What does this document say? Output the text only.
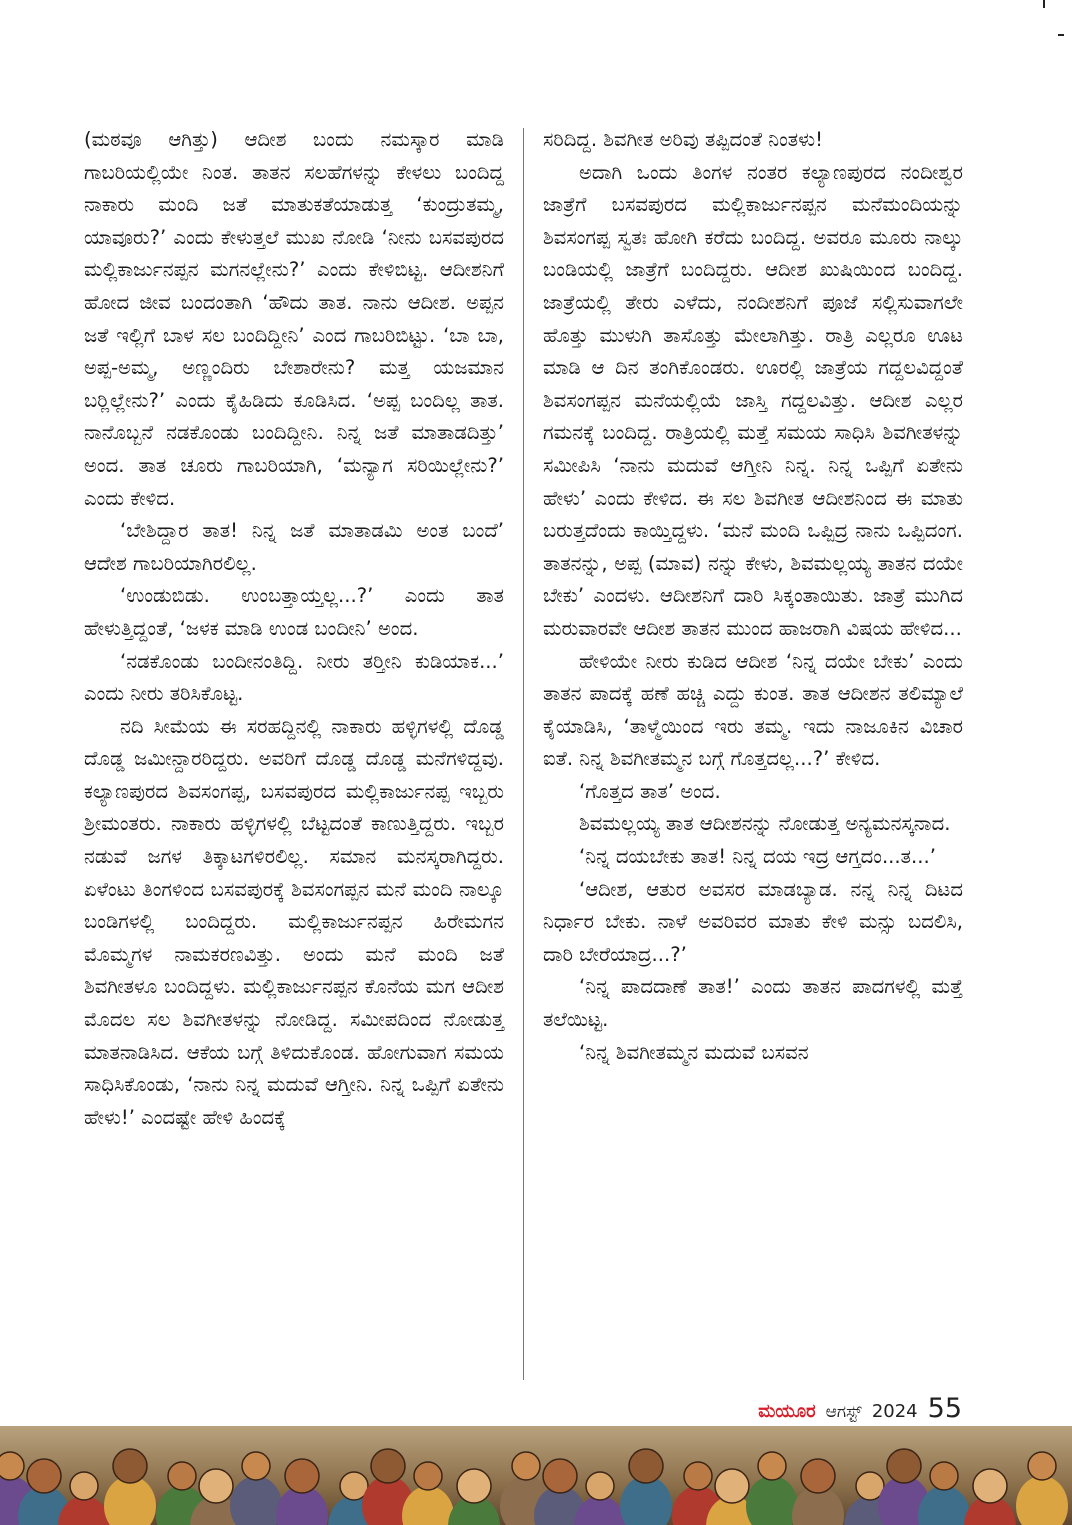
(ಮಠವೂ ಆಗಿತ್ತು) ಆದೀಶ ಬಂದು ನಮಸ್ಕಾರ ಮಾಡಿ ಗಾಬರಿಯಲ್ಲಿಯೇ ನಿಂತ. ತಾತನ ಸಲಹೆಗಳನ್ನು ಕೇಳಲು ಬಂದಿದ್ದ ನಾಕಾರು ಮಂದಿ ಜತೆ ಮಾತುಕತೆಯಾಡುತ್ತ ‘ಕುಂದ್ರುತಮ್ಮ, ಯಾವೂರು?’ ಎಂದು ಕೇಳುತ್ತಲೆ ಮುಖ ನೋಡಿ ‘ನೀನು ಬಸವಪುರದ ಮಲ್ಲಿಕಾರ್ಜುನಪ್ಪನ ಮಗನಲ್ಲೇನು?’ ಎಂದು ಕೇಳಿಬಿಟ್ಟ. ಆದೀಶನಿಗೆ ಹೋದ ಜೀವ ಬಂದಂತಾಗಿ ‘ಹೌದು ತಾತ. ನಾನು ಆದೀಶ. ಅಪ್ಪನ ಜತೆ ಇಲ್ಲಿಗೆ ಬಾಳ ಸಲ ಬಂದಿದ್ದೀನಿ’ ಎಂದ ಗಾಬರಿಬಿಟ್ಟು. ‘ಬಾ ಬಾ, ಅಪ್ಪ-ಅಮ್ಮ, ಅಣ್ಣಂದಿರು ಬೇಶಾರೇನು? ಮತ್ತ ಯಜಮಾನ ಬರ್‍ಲಿಲ್ಲೇನು?’ ಎಂದು ಕೈಹಿಡಿದು ಕೂಡಿಸಿದ. ‘ಅಪ್ಪ ಬಂದಿಲ್ಲ ತಾತ. ನಾನೊಬ್ಬನೆ ನಡಕೊಂಡು ಬಂದಿದ್ದೀನಿ. ನಿನ್ನ ಜತೆ ಮಾತಾಡದಿತ್ತು’ ಅಂದ. ತಾತ ಚೂರು ಗಾಬರಿಯಾಗಿ, ‘ಮನ್ಯಾಗ ಸರಿಯಿಲ್ಲೇನು?’ ಎಂದು ಕೇಳಿದ.

‘ಬೇಶಿದ್ದಾರ ತಾತ! ನಿನ್ನ ಜತೆ ಮಾತಾಡಮಿ ಅಂತ ಬಂದೆ’ ಆದೇಶ ಗಾಬರಿಯಾಗಿರಲಿಲ್ಲ.

‘ಉಂಡುಬಿಡು. ಉಂಬತ್ತಾಯ್ತಲ್ಲ...?’ ಎಂದು ತಾತ ಹೇಳುತ್ತಿದ್ದಂತೆ, ‘ಜಳಕ ಮಾಡಿ ಉಂಡ ಬಂದೀನಿ’ ಅಂದ.

‘ನಡಕೊಂಡು ಬಂದೀನಂತಿದ್ದಿ. ನೀರು ತರ್‍ತೀನಿ ಕುಡಿಯಾಕ...’ ಎಂದು ನೀರು ತರಿಸಿಕೊಟ್ಟ.

ನದಿ ಸೀಮೆಯ ಈ ಸರಹದ್ದಿನಲ್ಲಿ ನಾಕಾರು ಹಳ್ಳಿಗಳಲ್ಲಿ ದೊಡ್ಡ ದೊಡ್ಡ ಜಮೀನ್ದಾರರಿದ್ದರು. ಅವರಿಗೆ ದೊಡ್ಡ ದೊಡ್ಡ ಮನೆಗಳಿದ್ದವು. ಕಲ್ಯಾಣಪುರದ ಶಿವಸಂಗಪ್ಪ, ಬಸವಪುರದ ಮಲ್ಲಿಕಾರ್ಜುನಪ್ಪ ಇಬ್ಬರು ಶ್ರೀಮಂತರು. ನಾಕಾರು ಹಳ್ಳಿಗಳಲ್ಲಿ ಬೆಟ್ಟದಂತೆ ಕಾಣುತ್ತಿದ್ದರು. ಇಬ್ಬರ ನಡುವೆ ಜಗಳ ತಿಕ್ಕಾಟಗಳಿರಲಿಲ್ಲ. ಸಮಾನ ಮನಸ್ಕರಾಗಿದ್ದರು. ಏಳೆಂಟು ತಿಂಗಳಿಂದ ಬಸವಪುರಕ್ಕೆ ಶಿವಸಂಗಪ್ಪನ ಮನೆ ಮಂದಿ ನಾಲ್ಕೂ ಬಂಡಿಗಳಲ್ಲಿ ಬಂದಿದ್ದರು. ಮಲ್ಲಿಕಾರ್ಜುನಪ್ಪನ ಹಿರೇಮಗನ ಮೊಮ್ಮಗಳ ನಾಮಕರಣವಿತ್ತು. ಅಂದು ಮನೆ ಮಂದಿ ಜತೆ ಶಿವಗೀತಳೂ ಬಂದಿದ್ದಳು. ಮಲ್ಲಿಕಾರ್ಜುನಪ್ಪನ ಕೊನೆಯ ಮಗ ಆದೀಶ ಮೊದಲ ಸಲ ಶಿವಗೀತಳನ್ನು ನೋಡಿದ್ದ. ಸಮೀಪದಿಂದ ನೋಡುತ್ತ ಮಾತನಾಡಿಸಿದ. ಆಕೆಯ ಬಗ್ಗೆ ತಿಳಿದುಕೊಂಡ. ಹೋಗುವಾಗ ಸಮಯ ಸಾಧಿಸಿಕೊಂಡು, ‘ನಾನು ನಿನ್ನ ಮದುವೆ ಆಗ್ತೀನಿ. ನಿನ್ನ ಒಪ್ಪಿಗೆ ಏತೇನು ಹೇಳು!’ ಎಂದಷ್ಟೇ ಹೇಳಿ ಹಿಂದಕ್ಕೆ

ಸರಿದಿದ್ದ. ಶಿವಗೀತ ಅರಿವು ತಪ್ಪಿದಂತೆ ನಿಂತಳು!

ಅದಾಗಿ ಒಂದು ತಿಂಗಳ ನಂತರ ಕಲ್ಯಾಣಪುರದ ನಂದೀಶ್ವರ ಜಾತ್ರೆಗೆ ಬಸವಪುರದ ಮಲ್ಲಿಕಾರ್ಜುನಪ್ಪನ ಮನೆಮಂದಿಯನ್ನು ಶಿವಸಂಗಪ್ಪ ಸ್ವತಃ ಹೋಗಿ ಕರೆದು ಬಂದಿದ್ದ. ಅವರೂ ಮೂರು ನಾಲ್ಕು ಬಂಡಿಯಲ್ಲಿ ಜಾತ್ರೆಗೆ ಬಂದಿದ್ದರು. ಆದೀಶ ಖುಷಿಯಿಂದ ಬಂದಿದ್ದ. ಜಾತ್ರೆಯಲ್ಲಿ ತೇರು ಎಳೆದು, ನಂದೀಶನಿಗೆ ಪೂಜೆ ಸಲ್ಲಿಸುವಾಗಲೇ ಹೊತ್ತು ಮುಳುಗಿ ತಾಸೊತ್ತು ಮೇಲಾಗಿತ್ತು. ರಾತ್ರಿ ಎಲ್ಲರೂ ಊಟ ಮಾಡಿ ಆ ದಿನ ತಂಗಿಕೊಂಡರು. ಊರಲ್ಲಿ ಜಾತ್ರೆಯ ಗದ್ದಲವಿದ್ದಂತೆ ಶಿವಸಂಗಪ್ಪನ ಮನೆಯಲ್ಲಿಯೆ ಜಾಸ್ತಿ ಗದ್ದಲವಿತ್ತು. ಆದೀಶ ಎಲ್ಲರ ಗಮನಕ್ಕೆ ಬಂದಿದ್ದ. ರಾತ್ರಿಯಲ್ಲಿ ಮತ್ತೆ ಸಮಯ ಸಾಧಿಸಿ ಶಿವಗೀತಳನ್ನು ಸಮೀಪಿಸಿ ‘ನಾನು ಮದುವೆ ಆಗ್ತೀನಿ ನಿನ್ನ. ನಿನ್ನ ಒಪ್ಪಿಗೆ ಏತೇನು ಹೇಳು’ ಎಂದು ಕೇಳಿದ. ಈ ಸಲ ಶಿವಗೀತ ಆದೀಶನಿಂದ ಈ ಮಾತು ಬರುತ್ತದೆಂದು ಕಾಯ್ತಿದ್ದಳು. ‘ಮನೆ ಮಂದಿ ಒಪ್ಪಿದ್ರ ನಾನು ಒಪ್ಪಿದಂಗ. ತಾತನನ್ನು, ಅಪ್ಪ (ಮಾವ) ನನ್ನು ಕೇಳು, ಶಿವಮಲ್ಲಯ್ಯ ತಾತನ ದಯೇ ಬೇಕು’ ಎಂದಳು. ಆದೀಶನಿಗೆ ದಾರಿ ಸಿಕ್ಕಂತಾಯಿತು. ಜಾತ್ರೆ ಮುಗಿದ ಮರುವಾರವೇ ಆದೀಶ ತಾತನ ಮುಂದ ಹಾಜರಾಗಿ ವಿಷಯ ಹೇಳಿದ...

ಹೇಳಿಯೇ ನೀರು ಕುಡಿದ ಆದೀಶ ‘ನಿನ್ನ ದಯೇ ಬೇಕು’ ಎಂದು ತಾತನ ಪಾದಕ್ಕೆ ಹಣೆ ಹಚ್ಚಿ ಎದ್ದು ಕುಂತ. ತಾತ ಆದೀಶನ ತಲಿಮ್ಯಾಲೆ ಕೈಯಾಡಿಸಿ, ‘ತಾಳ್ಮೆಯಿಂದ ಇರು ತಮ್ಮ. ಇದು ನಾಜೂಕಿನ ವಿಚಾರ ಐತೆ. ನಿನ್ನ ಶಿವಗೀತಮ್ಮನ ಬಗ್ಗೆ ಗೊತ್ತದಲ್ಲ...?’ ಕೇಳಿದ.

‘ಗೊತ್ತದ ತಾತ’ ಅಂದ.

ಶಿವಮಲ್ಲಯ್ಯ ತಾತ ಆದೀಶನನ್ನು ನೋಡುತ್ತ ಅನ್ಯಮನಸ್ಕನಾದ.

‘ನಿನ್ನ ದಯಬೇಕು ತಾತ! ನಿನ್ನ ದಯ ಇದ್ರ ಆಗ್ತದಂ...ತ...’

‘ಆದೀಶ, ಆತುರ ಅವಸರ ಮಾಡಬ್ಯಾಡ. ನನ್ನ ನಿನ್ನ ದಿಟದ ನಿರ್ಧಾರ ಬೇಕು. ನಾಳೆ ಅವರಿವರ ಮಾತು ಕೇಳಿ ಮನ್ಸು ಬದಲಿಸಿ, ದಾರಿ ಬೇರೆಯಾದ್ರ...?’

‘ನಿನ್ನ ಪಾದದಾಣೆ ತಾತ!’ ಎಂದು ತಾತನ ಪಾದಗಳಲ್ಲಿ ಮತ್ತೆ ತಲೆಯಿಟ್ಟ.

‘ನಿನ್ನ ಶಿವಗೀತಮ್ಮನ ಮದುವೆ ಬಸವನ

ಮಯೂರ ಆಗಸ್ಟ್ 2024 55
